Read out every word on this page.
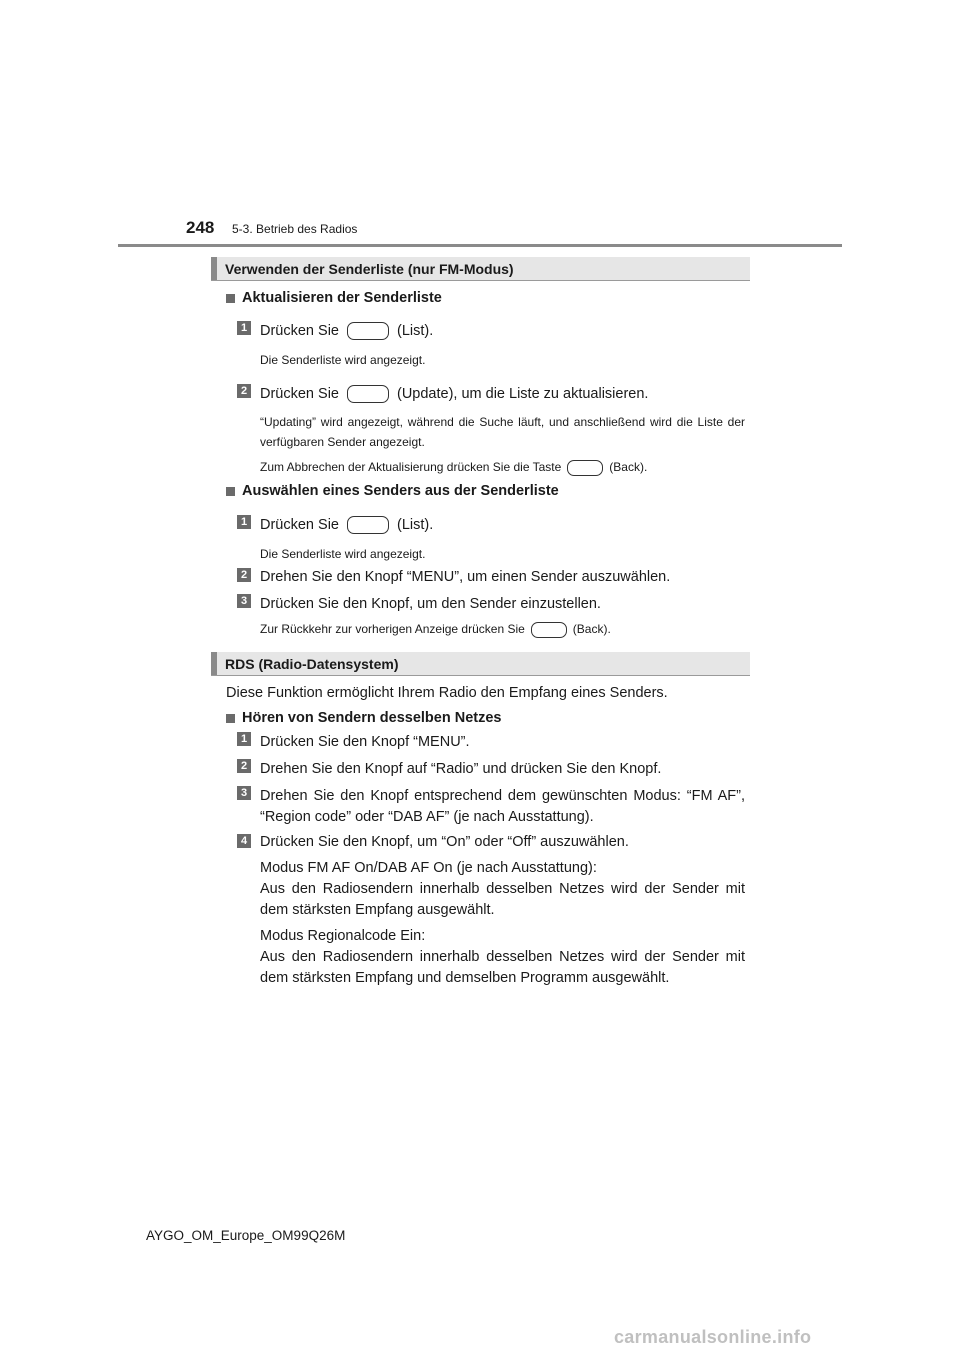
248 5-3. Betrieb des Radios
Verwenden der Senderliste (nur FM-Modus)
Aktualisieren der Senderliste
1 Drücken Sie	(List).
Die Senderliste wird angezeigt.
2 Drücken Sie	(Update), um die Liste zu aktualisieren.
“Updating” wird angezeigt, während die Suche läuft, und anschließend wird die Liste der verfügbaren Sender angezeigt.
Zum Abbrechen der Aktualisierung drücken Sie die Taste	(Back).
Auswählen eines Senders aus der Senderliste
1 Drücken Sie	(List).
Die Senderliste wird angezeigt.
2 Drehen Sie den Knopf “MENU”, um einen Sender auszuwählen.
3 Drücken Sie den Knopf, um den Sender einzustellen.
Zur Rückkehr zur vorherigen Anzeige drücken Sie	(Back).
RDS (Radio-Datensystem)
Diese Funktion ermöglicht Ihrem Radio den Empfang eines Senders.
Hören von Sendern desselben Netzes
1 Drücken Sie den Knopf “MENU”.
2 Drehen Sie den Knopf auf “Radio” und drücken Sie den Knopf.
3 Drehen Sie den Knopf entsprechend dem gewünschten Modus: “FM AF”, “Region code” oder “DAB AF” (je nach Ausstattung).
4 Drücken Sie den Knopf, um “On” oder “Off” auszuwählen.
Modus FM AF On/DAB AF On (je nach Ausstattung):
Aus den Radiosendern innerhalb desselben Netzes wird der Sender mit dem stärksten Empfang ausgewählt.
Modus Regionalcode Ein:
Aus den Radiosendern innerhalb desselben Netzes wird der Sender mit dem stärksten Empfang und demselben Programm ausgewählt.
AYGO_OM_Europe_OM99Q26M
carmanualsonline.info
